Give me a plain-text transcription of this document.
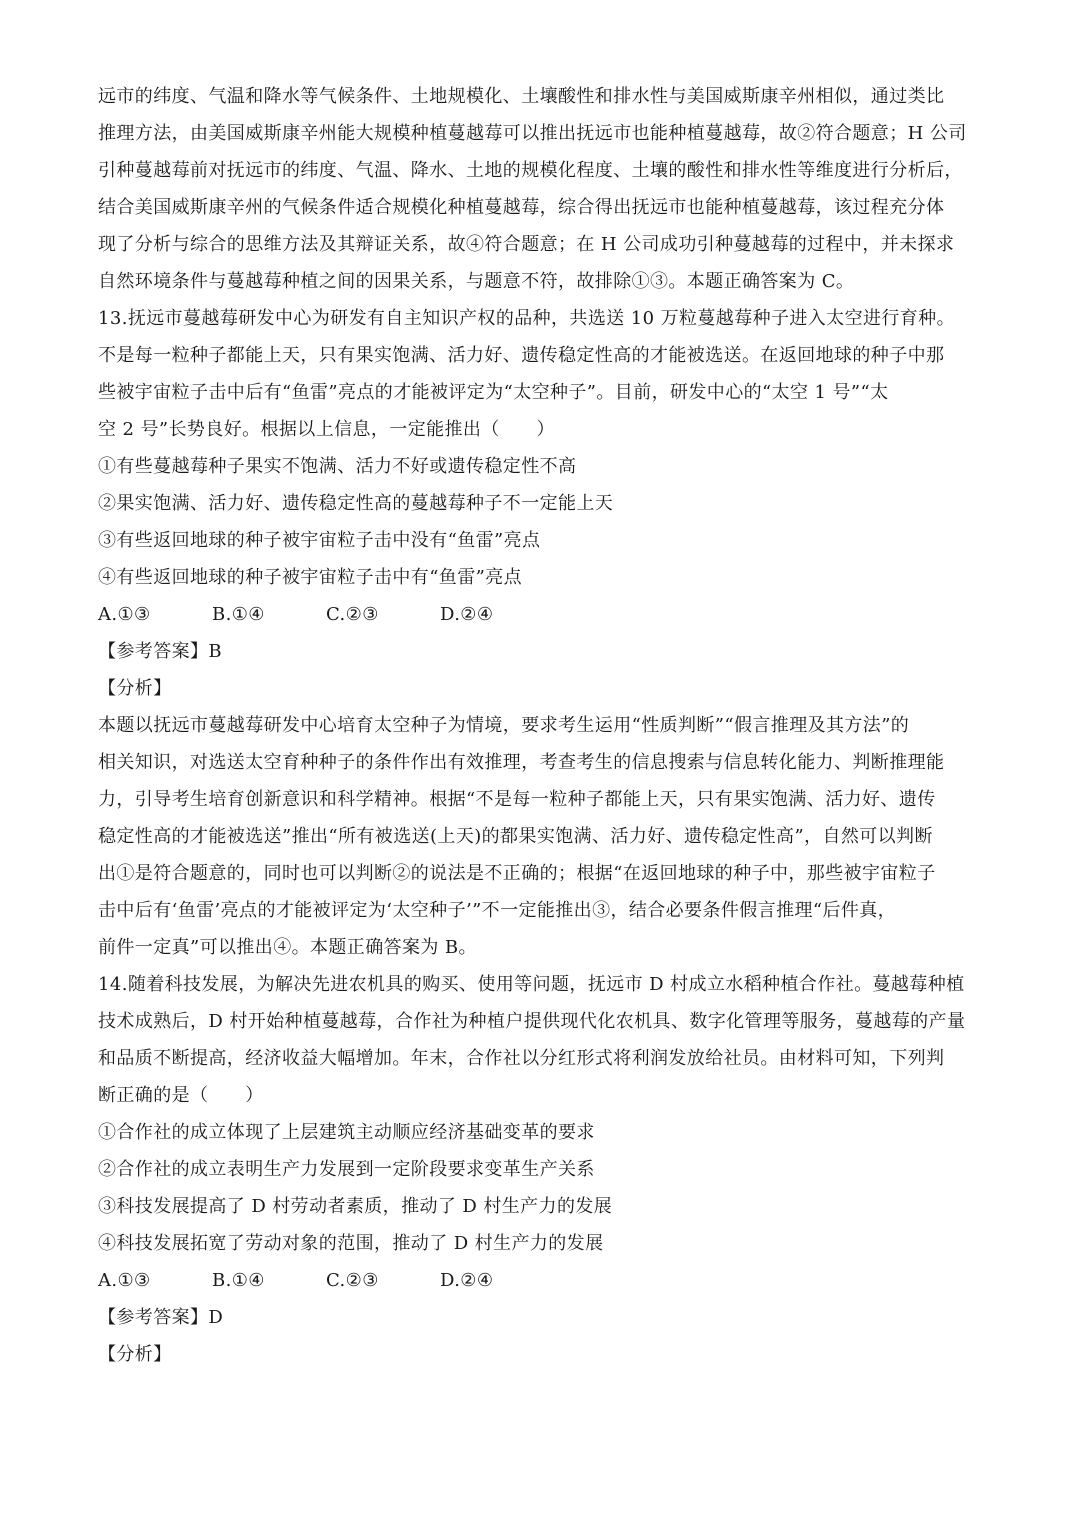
远市的纬度、气温和降水等气候条件、土地规模化、土壤酸性和排水性与美国威斯康辛州相似，通过类比
推理方法，由美国威斯康辛州能大规模种植蔓越莓可以推出抚远市也能种植蔓越莓，故②符合题意；H 公司
引种蔓越莓前对抚远市的纬度、气温、降水、土地的规模化程度、土壤的酸性和排水性等维度进行分析后，
结合美国威斯康辛州的气候条件适合规模化种植蔓越莓，综合得出抚远市也能种植蔓越莓，该过程充分体
现了分析与综合的思维方法及其辩证关系，故④符合题意；在 H 公司成功引种蔓越莓的过程中，并未探求
自然环境条件与蔓越莓种植之间的因果关系，与题意不符，故排除①③。本题正确答案为 C。
13.抚远市蔓越莓研发中心为研发有自主知识产权的品种，共选送 10 万粒蔓越莓种子进入太空进行育种。
不是每一粒种子都能上天，只有果实饱满、活力好、遗传稳定性高的才能被选送。在返回地球的种子中那
些被宇宙粒子击中后有“鱼雷”亮点的才能被评定为“太空种子”。目前，研发中心的“太空 1 号”“太
空 2 号”长势良好。根据以上信息，一定能推出（　　）
①有些蔓越莓种子果实不饱满、活力不好或遗传稳定性不高
②果实饱满、活力好、遗传稳定性高的蔓越莓种子不一定能上天
③有些返回地球的种子被宇宙粒子击中没有“鱼雷”亮点
④有些返回地球的种子被宇宙粒子击中有“鱼雷”亮点
A.①③	B.①④	C.②③	D.②④
【参考答案】B
【分析】
本题以抚远市蔓越莓研发中心培育太空种子为情境，要求考生运用“性质判断”“假言推理及其方法”的
相关知识，对选送太空育种种子的条件作出有效推理，考查考生的信息搜索与信息转化能力、判断推理能
力，引导考生培育创新意识和科学精神。根据“不是每一粒种子都能上天，只有果实饱满、活力好、遗传
稳定性高的才能被选送”推出“所有被选送(上天)的都果实饱满、活力好、遗传稳定性高”，自然可以判断
出①是符合题意的，同时也可以判断②的说法是不正确的；根据“在返回地球的种子中，那些被宇宙粒子
击中后有‘鱼雷’亮点的才能被评定为‘太空种子’”不一定能推出③，结合必要条件假言推理“后件真，
前件一定真”可以推出④。本题正确答案为 B。
14.随着科技发展，为解决先进农机具的购买、使用等问题，抚远市 D 村成立水稻种植合作社。蔓越莓种植
技术成熟后，D 村开始种植蔓越莓，合作社为种植户提供现代化农机具、数字化管理等服务，蔓越莓的产量
和品质不断提高，经济收益大幅增加。年末，合作社以分红形式将利润发放给社员。由材料可知，下列判
断正确的是（　　）
①合作社的成立体现了上层建筑主动顺应经济基础变革的要求
②合作社的成立表明生产力发展到一定阶段要求变革生产关系
③科技发展提高了 D 村劳动者素质，推动了 D 村生产力的发展
④科技发展拓宽了劳动对象的范围，推动了 D 村生产力的发展
A.①③	B.①④	C.②③	D.②④
【参考答案】D
【分析】
